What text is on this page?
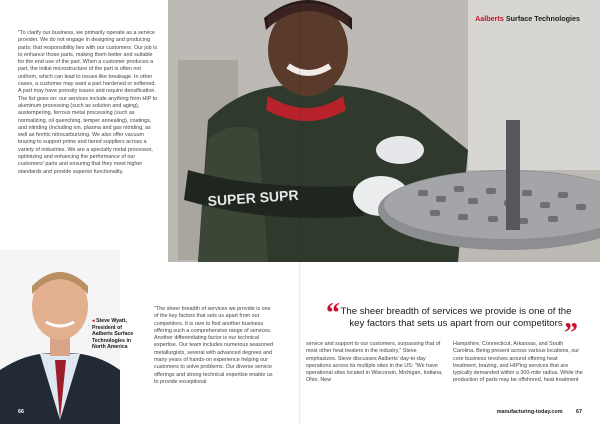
"To clarify our business, we primarily operate as a service provider. We do not engage in designing and producing parts; that responsibility lies with our customers. Our job is to enhance those parts, making them better and suitable for the end use of the part. When a customer produces a part, the initial microstructure of the part is often not uniform, which can lead to issues like breakage. In other cases, a customer may want a part hardened or softened. A part may have porosity issues and require densification. The list goes on: our services include anything from HIP to aluminum processing (such as solution and aging), austempering, ferrous metal processing (such as normalizing, oil quenching, temper annealing), coatings, and nitriding (including ion, plasma and gas nitriding, as well as ferritic nitrocarburizing. We also offer vacuum brazing to support prime and tiered suppliers across a variety of industries. We are a specialty metal processor, optimizing and enhancing the performance of our customers' parts and ensuring that they meet higher standards and provide superior functionality.

SUPER SUPR
Aalberts Surface Technologies
◂ Steve Wyatt,
President of
Aalberts Surface
Technologies in
North America
"The sheer breadth of services we provide is one of the key factors that sets us apart from our competitors. It is rare to find another business offering such a comprehensive range of services. Another differentiating factor is our technical expertise. Our team includes numerous seasoned metallurgists, several with advanced degrees and many years of hands-on experience helping our customers to solve problems. Our diverse service offerings and strong technical expertise enable us to provide exceptional
“ The sheer breadth of services we provide is one of the key factors that sets us apart from our competitors ”
service and support to our customers, surpassing that of most other heat treaters in the industry," Steve emphasizes. Steve discusses Aalberts' day-to-day operations across its multiple sites in the US: "We have operational sites located in Wisconsin, Michigan, Indiana, Ohio, New
Hampshire, Connecticut, Arkansas, and South Carolina. Being present across various locations, our core business revolves around offering heat treatment, brazing, and HIP'ing services that are typically demanded within a 300-mile radius. While the production of parts may be offshored, heat treatment
66	manufacturing-today.com	67
